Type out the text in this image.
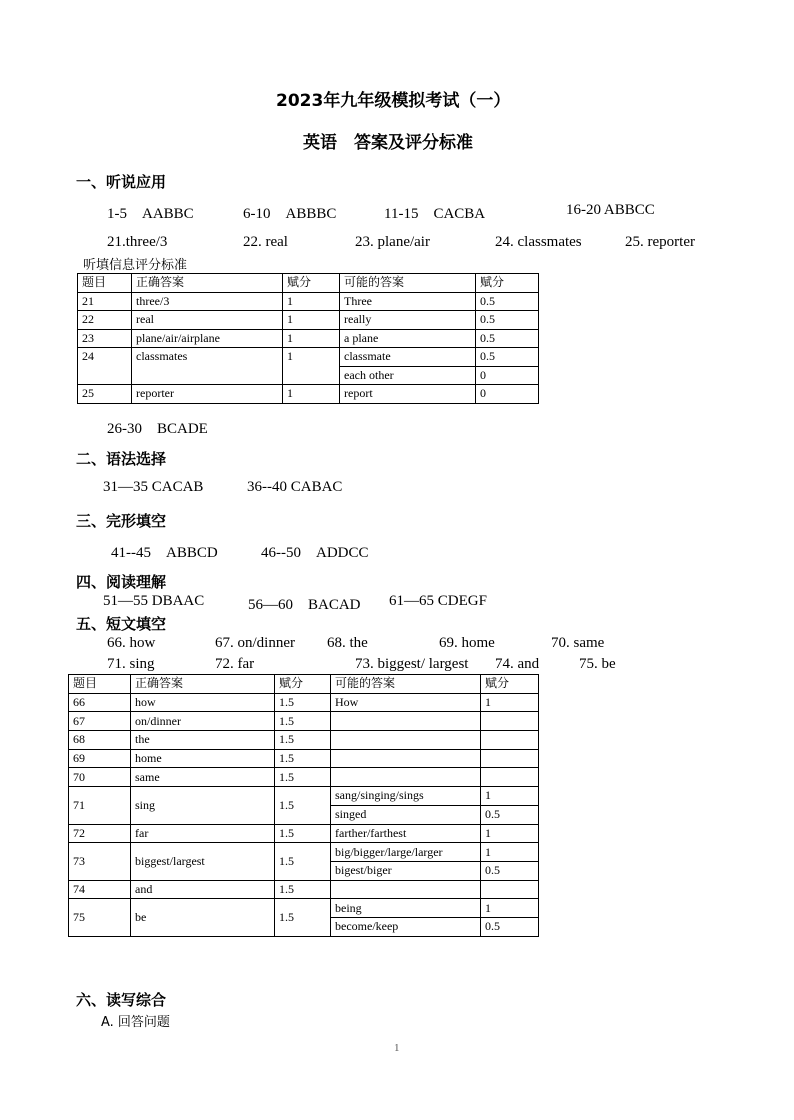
2023年九年级模拟考试（一）
英语　答案及评分标准
一、听说应用
1-5　AABBC	6-10　ABBBC	11-15　CACBA	16-20 ABBCC
21.three/3	22. real	23. plane/air	24. classmates	25. reporter
听填信息评分标准
题目	正确答案	赋分	可能的答案	赋分
21	three/3	1	Three	0.5
22	real	1	really	0.5
23	plane/air/airplane	1	a plane	0.5
24	classmates	1	classmate	0.5
			each other	0
25	reporter	1	report	0
26-30　BCADE
二、语法选择
31—35 CACAB	36--40 CABAC
三、完形填空
41--45　ABBCD	46--50　ADDCC
四、阅读理解
51—55 DBAAC	56—60　BACAD 61—65 CDEGF
五、短文填空
66. how	67. on/dinner 68. the	69. home	70. same
71. sing	72. far	73. biggest/ largest 74. and	75. be
题目	正确答案	赋分	可能的答案	赋分
66	how	1.5	How	1
67	on/dinner	1.5		
68	the	1.5		
69	home	1.5		
70	same	1.5		
71	sing	1.5	sang/singing/sings	1
			singed	0.5
72	far	1.5	farther/farthest	1
73	biggest/largest	1.5	big/bigger/large/larger	1
			bigest/biger	0.5
74	and	1.5		
75	be	1.5	being	1
			become/keep	0.5
六、读写综合
A. 回答问题
1
